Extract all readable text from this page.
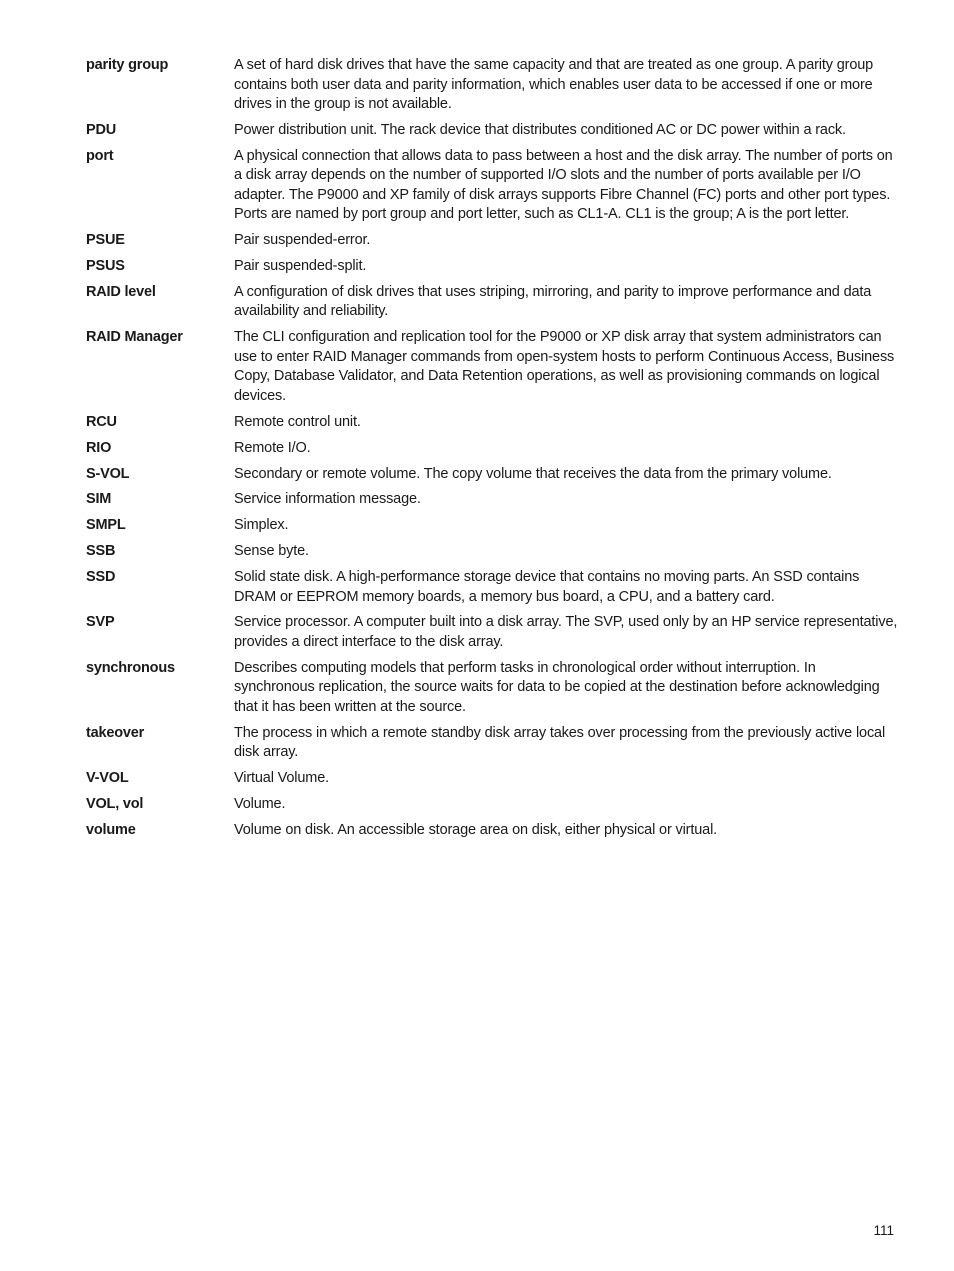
parity group	A set of hard disk drives that have the same capacity and that are treated as one group. A parity group contains both user data and parity information, which enables user data to be accessed if one or more drives in the group is not available.
PDU	Power distribution unit. The rack device that distributes conditioned AC or DC power within a rack.
port	A physical connection that allows data to pass between a host and the disk array. The number of ports on a disk array depends on the number of supported I/O slots and the number of ports available per I/O adapter. The P9000 and XP family of disk arrays supports Fibre Channel (FC) ports and other port types. Ports are named by port group and port letter, such as CL1-A. CL1 is the group; A is the port letter.
PSUE	Pair suspended-error.
PSUS	Pair suspended-split.
RAID level	A configuration of disk drives that uses striping, mirroring, and parity to improve performance and data availability and reliability.
RAID Manager	The CLI configuration and replication tool for the P9000 or XP disk array that system administrators can use to enter RAID Manager commands from open-system hosts to perform Continuous Access, Business Copy, Database Validator, and Data Retention operations, as well as provisioning commands on logical devices.
RCU	Remote control unit.
RIO	Remote I/O.
S-VOL	Secondary or remote volume. The copy volume that receives the data from the primary volume.
SIM	Service information message.
SMPL	Simplex.
SSB	Sense byte.
SSD	Solid state disk. A high-performance storage device that contains no moving parts. An SSD contains DRAM or EEPROM memory boards, a memory bus board, a CPU, and a battery card.
SVP	Service processor. A computer built into a disk array. The SVP, used only by an HP service representative, provides a direct interface to the disk array.
synchronous	Describes computing models that perform tasks in chronological order without interruption. In synchronous replication, the source waits for data to be copied at the destination before acknowledging that it has been written at the source.
takeover	The process in which a remote standby disk array takes over processing from the previously active local disk array.
V-VOL	Virtual Volume.
VOL, vol	Volume.
volume	Volume on disk. An accessible storage area on disk, either physical or virtual.
111
